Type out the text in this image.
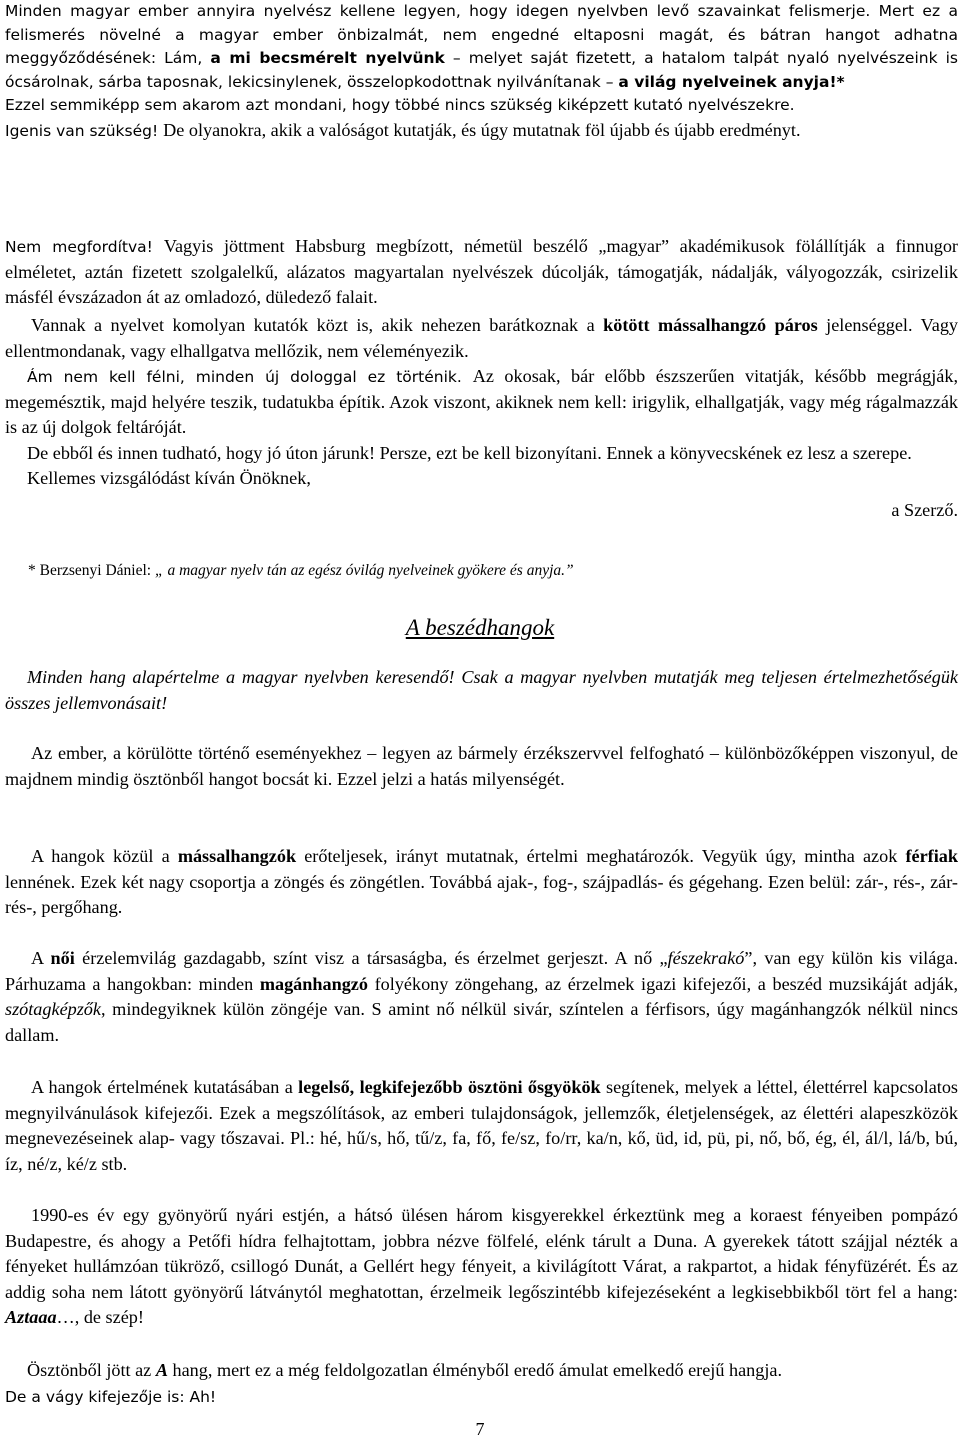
Minden magyar ember annyira nyelvész kellene legyen, hogy idegen nyelvben levő szavainkat felismerje. Mert ez a felismerés növelné a magyar ember önbizalmát, nem engedné eltaposni magát, és bátran hangot adhatna meggyőződésének: Lám, a mi becsmérelt nyelvünk – melyet saját fizetett, a hatalom talpát nyaló nyelvészeink is ócsárolnak, sárba taposnak, lekicsinylenek, összelopkodottnak nyilvánítanak – a világ nyelveinek anyja!*

Ezzel semmiképp sem akarom azt mondani, hogy többé nincs szükség kiképzett kutató nyelvészekre.

Igenis van szükség! De olyanokra, akik a valóságot kutatják, és úgy mutatnak föl újabb és újabb eredményt.

Nem megfordítva! Vagyis jöttment Habsburg megbízott, németül beszélő „magyar” akadémikusok fölállítják a finnugor elméletet, aztán fizetett szolgalelkű, alázatos magyartalan nyelvészek dúcolják, támogatják, nádalják, vályogozzák, csirizelik másfél évszázadon át az omladozó, düledező falait.

Vannak a nyelvet komolyan kutatók közt is, akik nehezen barátkoznak a kötött mássalhangzó páros jelenséggel. Vagy ellentmondanak, vagy elhallgatva mellőzik, nem véleményezik.

Ám nem kell félni, minden új dologgal ez történik. Az okosak, bár előbb észszerűen vitatják, később megrágják, megemésztik, majd helyére teszik, tudatukba építik. Azok viszont, akiknek nem kell: irigylik, elhallgatják, vagy még rágalmazzák is az új dolgok feltáróját.

De ebből és innen tudható, hogy jó úton járunk! Persze, ezt be kell bizonyítani. Ennek a könyvecskének ez lesz a szerepe.

Kellemes vizsgálódást kíván Önöknek,

a Szerző.

* Berzsenyi Dániel: „ a magyar nyelv tán az egész óvilág nyelveinek gyökere és anyja.”
A beszédhangok

Minden hang alapértelme a magyar nyelvben keresendő! Csak a magyar nyelvben mutatják meg teljesen értelmezhetőségük összes jellemvonásait!

Az ember, a körülötte történő eseményekhez – legyen az bármely érzékszervvel felfogható – különbözőképpen viszonyul, de majdnem mindig ösztönből hangot bocsát ki. Ezzel jelzi a hatás milyenségét.

A hangok közül a mássalhangzók erőteljesek, irányt mutatnak, értelmi meghatározók. Vegyük úgy, mintha azok férfiak lennének. Ezek két nagy csoportja a zöngés és zöngétlen. Továbbá ajak-, fog-, szájpadlás- és gégehang. Ezen belül: zár-, rés-, zár-rés-, pergőhang.

A női érzelemvilág gazdagabb, színt visz a társaságba, és érzelmet gerjeszt. A nő „fészekrakó”, van egy külön kis világa. Párhuzama a hangokban: minden magánhangzó folyékony zöngehang, az érzelmek igazi kifejezői, a beszéd muzsikáját adják, szótagképzők, mindegyiknek külön zöngéje van. S amint nő nélkül sivár, színtelen a férfisors, úgy magánhangzók nélkül nincs dallam.

A hangok értelmének kutatásában a legelső, legkifejezőbb ösztöni ősgyökök segítenek, melyek a léttel, élettérrel kapcsolatos megnyilvánulások kifejezői. Ezek a megszólítások, az emberi tulajdonságok, jellemzők, életjelenségek, az élettéri alapeszközök megnevezéseinek alap- vagy tőszavai. Pl.: hé, hű/s, hő, tű/z, fa, fő, fe/sz, fo/rr, ka/n, kő, üd, id, pü, pi, nő, bő, ég, él, ál/l, lá/b, bú, íz, né/z, ké/z stb.

1990-es év egy gyönyörű nyári estjén, a hátsó ülésen három kisgyerekkel érkeztünk meg a koraest fényeiben pompázó Budapestre, és ahogy a Petőfi hídra felhajtottam, jobbra nézve fölfelé, elénk tárult a Duna. A gyerekek tátott szájjal nézték a fényeket hullámzóan tükröző, csillogó Dunát, a Gellért hegy fényeit, a kivilágított Várat, a rakpartot, a hidak fényfüzérét. És az addig soha nem látott gyönyörű látványtól meghatottan, érzelmeik legőszintébb kifejezéseként a legkisebbikből tört fel a hang: Aztaaa…, de szép!

Ösztönből jött az A hang, mert ez a még feldolgozatlan élményből eredő ámulat emelkedő erejű hangja.

De a vágy kifejezője is: Ah!

7
